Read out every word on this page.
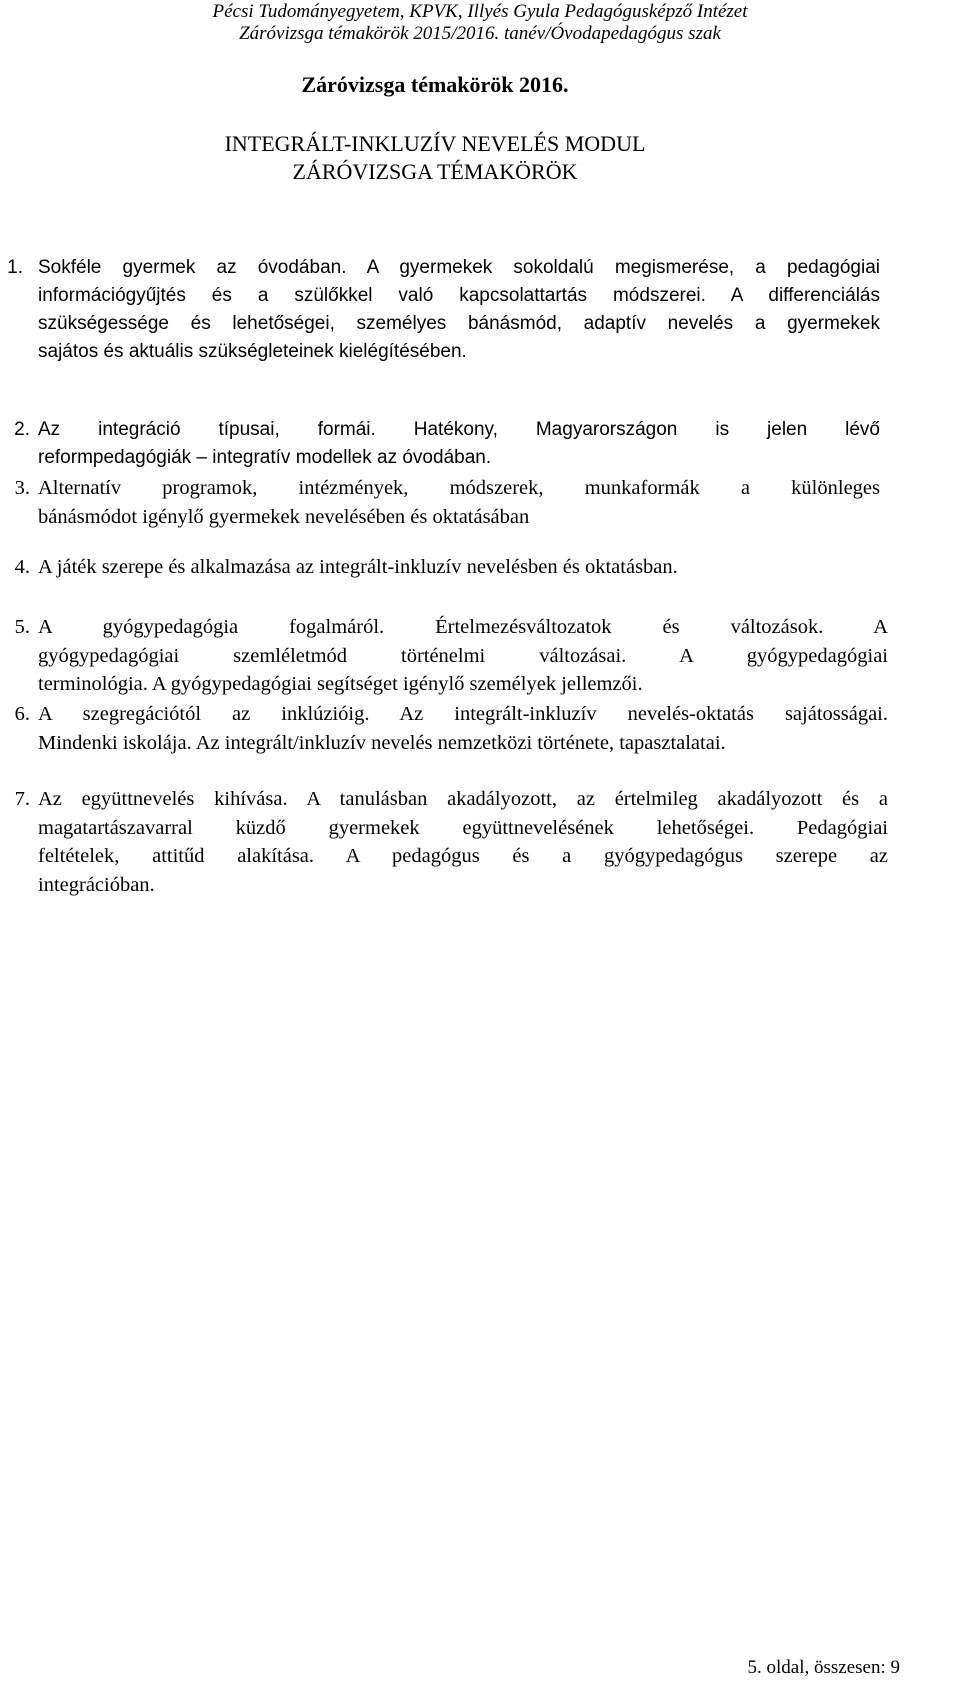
Pécsi Tudományegyetem, KPVK, Illyés Gyula Pedagógusképző Intézet
Záróvizsga témakörök 2015/2016. tanév/Óvodapedagógus szak
Záróvizsga témakörök 2016.
INTEGRÁLT-INKLUZÍV NEVELÉS MODUL
ZÁRÓVIZSGA TÉMAKÖRÖK
1. Sokféle gyermek az óvodában. A gyermekek sokoldalú megismerése, a pedagógiai
információgyűjtés és a szülőkkel való kapcsolattartás módszerei. A differenciálás
szükségessége és lehetőségei, személyes bánásmód, adaptív nevelés a gyermekek
sajátos és aktuális szükségleteinek kielégítésében.
2. Az integráció típusai, formái. Hatékony, Magyarországon is jelen lévő
reformpedagógiák – integratív modellek az óvodában.
3. Alternatív programok, intézmények, módszerek, munkaformák a különleges
bánásmódot igénylő gyermekek nevelésében és oktatásában
4. A játék szerepe és alkalmazása az integrált-inkluzív nevelésben és oktatásban.
5. A gyógypedagógia fogalmáról. Értelmezésváltozatok és változások. A
gyógypedagógiai szemléletmód történelmi változásai. A gyógypedagógiai
terminológia. A gyógypedagógiai segítséget igénylő személyek jellemzői.
6. A szegregációtól az inklúzióig. Az integrált-inkluzív nevelés-oktatás sajátosságai.
Mindenki iskolája. Az integrált/inkluzív nevelés nemzetközi története, tapasztalatai.
7. Az együttnevelés kihívása. A tanulásban akadályozott, az értelmileg akadályozott és a
magatartászavarral küzdő gyermekek együttnevelésének lehetőségei. Pedagógiai
feltételek, attitűd alakítása. A pedagógus és a gyógypedagógus szerepe az
integrációban.
5. oldal, összesen: 9
